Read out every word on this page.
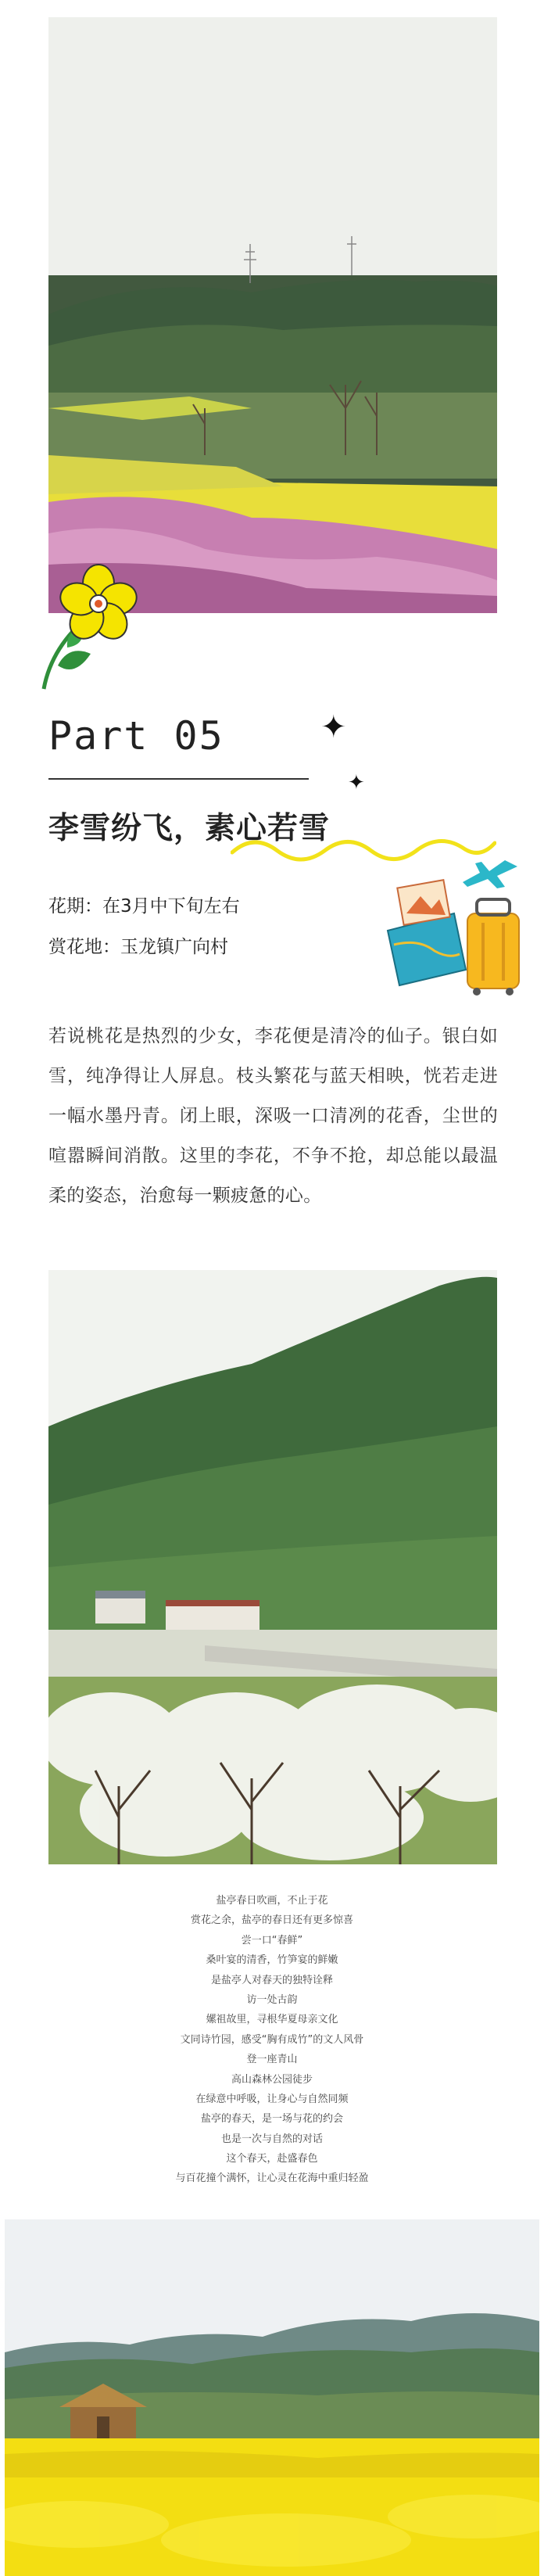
Part 05	✦
✦
李雪纷飞，素心若雪
花期：在3月中下旬左右
赏花地：玉龙镇广向村

若说桃花是热烈的少女，李花便是清冷的仙子。银白如雪，纯净得让人屏息。枝头繁花与蓝天相映，恍若走进一幅水墨丹青。闭上眼，深吸一口清冽的花香，尘世的喧嚣瞬间消散。这里的李花，不争不抢，却总能以最温柔的姿态，治愈每一颗疲惫的心。

盐亭春日吹画，不止于花
赏花之余，盐亭的春日还有更多惊喜
尝一口“春鲜”
桑叶宴的清香，竹笋宴的鲜嫩
是盐亭人对春天的独特诠释
访一处古韵
嫘祖故里，寻根华夏母亲文化
文同诗竹园，感受“胸有成竹”的文人风骨
登一座青山
高山森林公园徒步
在绿意中呼吸，让身心与自然同频
盐亭的春天，是一场与花的约会
也是一次与自然的对话
这个春天，赴盛春色
与百花撞个满怀，让心灵在花海中重归轻盈
